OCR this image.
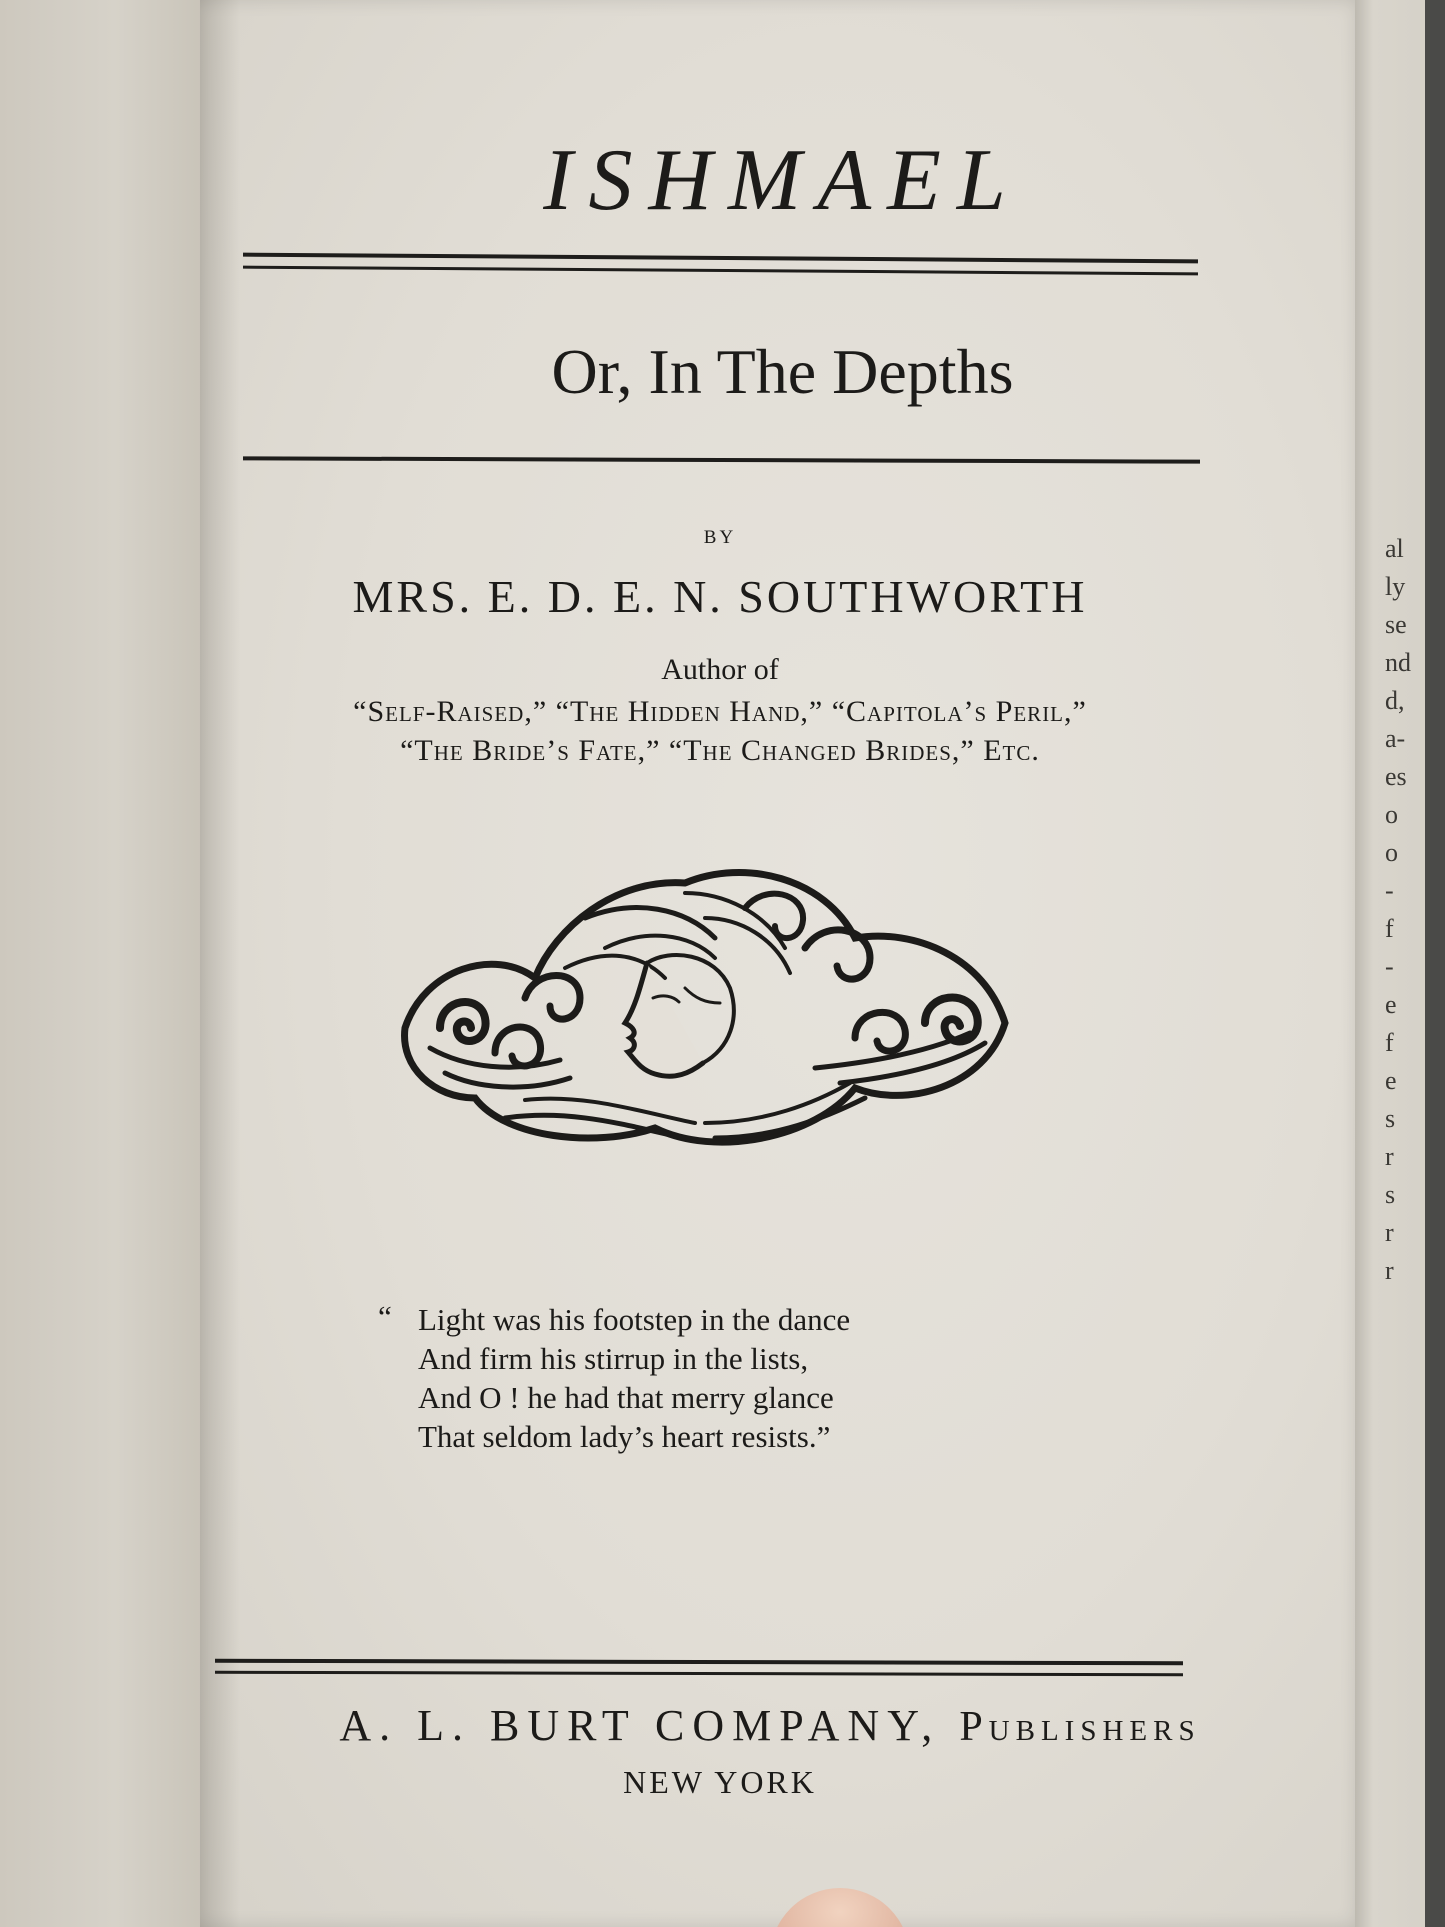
al
ly
se
nd
d,
a-
es
o
o
-
f
-
e
f
e
s
r
s
r
r
ISHMAEL
Or, In The Depths
BY
MRS. E. D. E. N. SOUTHWORTH
Author of
“Self-Raised,” “The Hidden Hand,” “Capitola’s Peril,”
“The Bride’s Fate,” “The Changed Brides,” Etc.
“ Light was his footstep in the dance
And firm his stirrup in the lists,
And O ! he had that merry glance
That seldom lady’s heart resists.”
A. L. BURT COMPANY, Publishers
NEW YORK
